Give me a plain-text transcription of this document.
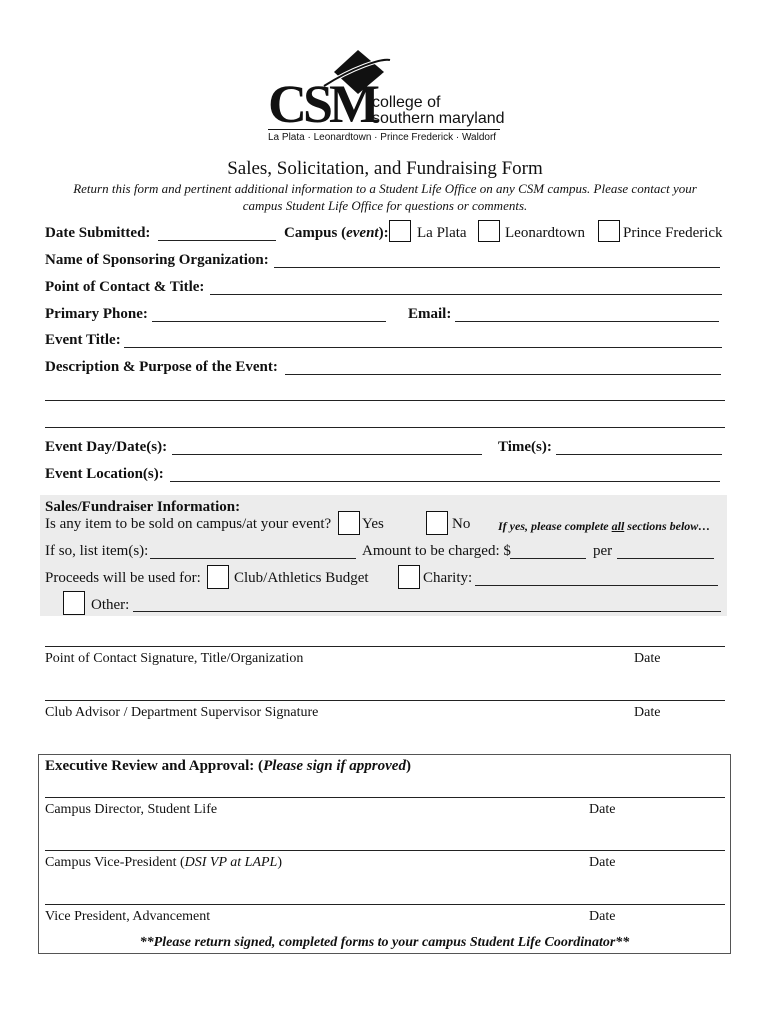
CSM
college of
southern maryland
La Plata · Leonardtown · Prince Frederick · Waldorf
Sales, Solicitation, and Fundraising Form
Return this form and pertinent additional information to a Student Life Office on any CSM campus. Please contact your campus Student Life Office for questions or comments.
Date Submitted:	Campus (event): La Plata	Leonardtown	Prince Frederick
Name of Sponsoring Organization:
Point of Contact & Title:
Primary Phone:	Email:
Event Title:
Description & Purpose of the Event:
Event Day/Date(s):	Time(s):
Event Location(s):
Sales/Fundraiser Information:
Is any item to be sold on campus/at your event? Yes	No If yes, please complete all sections below…
If so, list item(s):	Amount to be charged: $	per
Proceeds will be used for: Club/Athletics Budget	Charity:
Other:
Point of Contact Signature, Title/Organization	Date
Club Advisor / Department Supervisor Signature	Date
Executive Review and Approval: (Please sign if approved)
Campus Director, Student Life	Date
Campus Vice-President (DSI VP at LAPL)	Date
Vice President, Advancement	Date
**Please return signed, completed forms to your campus Student Life Coordinator**
